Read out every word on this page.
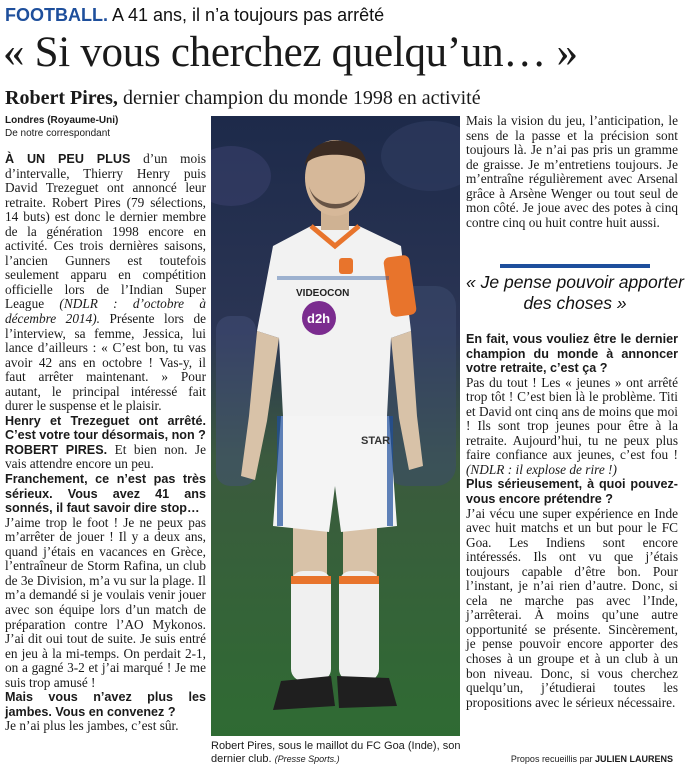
FOOTBALL. A 41 ans, il n’a toujours pas arrêté
« Si vous cherchez quelqu’un… »
Robert Pires, dernier champion du monde 1998 en activité
Londres (Royaume-Uni)
De notre correspondant

À UN PEU PLUS d’un mois d’intervalle, Thierry Henry puis David Trezeguet ont annoncé leur retraite. Robert Pires (79 sélections, 14 buts) est donc le dernier membre de la génération 1998 encore en activité. Ces trois dernières saisons, l’ancien Gunners est toutefois seulement apparu en compétition officielle lors de l’Indian Super League (NDLR : d’octobre à décembre 2014). Présente lors de l’interview, sa femme, Jessica, lui lance d’ailleurs : « C’est bon, tu vas avoir 42 ans en octobre ! Vas-y, il faut arrêter maintenant. » Pour autant, le principal intéressé fait durer le suspense et le plaisir.

Henry et Trezeguet ont arrêté. C’est votre tour désormais, non ?

ROBERT PIRES. Et bien non. Je vais attendre encore un peu.

Franchement, ce n’est pas très sérieux. Vous avez 41 ans sonnés, il faut savoir dire stop…

J’aime trop le foot ! Je ne peux pas m’arrêter de jouer ! Il y a deux ans, quand j’étais en vacances en Grèce, l’entraîneur de Storm Rafina, un club de 3e Division, m’a vu sur la plage. Il m’a demandé si je voulais venir jouer avec son équipe lors d’un match de préparation contre l’AO Mykonos. J’ai dit oui tout de suite. Je suis entré en jeu à la mi-temps. On perdait 2-1, on a gagné 3-2 et j’ai marqué ! Je me suis trop amusé !

Mais vous n’avez plus les jambes. Vous en convenez ?

Je n’ai plus les jambes, c’est sûr.

STAR
VIDEOCON
d2h
Robert Pires, sous le maillot du FC Goa (Inde), son dernier club. (Presse Sports.)

Mais la vision du jeu, l’anticipation, le sens de la passe et la précision sont toujours là. Je n’ai pas pris un gramme de graisse. Je m’entretiens toujours. Je m’entraîne régulièrement avec Arsenal grâce à Arsène Wenger ou tout seul de mon côté. Je joue avec des potes à cinq contre cinq ou huit contre huit aussi.

« Je pense pouvoir apporter des choses »

En fait, vous vouliez être le dernier champion du monde à annoncer votre retraite, c’est ça ?

Pas du tout ! Les « jeunes » ont arrêté trop tôt ! C’est bien là le problème. Titi et David ont cinq ans de moins que moi ! Ils sont trop jeunes pour être à la retraite. Aujourd’hui, tu ne peux plus faire confiance aux jeunes, c’est fou ! (NDLR : il explose de rire !)

Plus sérieusement, à quoi pouvez-vous encore prétendre ?

J’ai vécu une super expérience en Inde avec huit matchs et un but pour le FC Goa. Les Indiens sont encore intéressés. Ils ont vu que j’étais toujours capable d’être bon. Pour l’instant, je n’ai rien d’autre. Donc, si cela ne marche pas avec l’Inde, j’arrêterai. À moins qu’une autre opportunité se présente. Sincèrement, je pense pouvoir encore apporter des choses à un groupe et à un club à un bon niveau. Donc, si vous cherchez quelqu’un, j’étudierai toutes les propositions avec le sérieux nécessaire.

Propos recueillis par JULIEN LAURENS
